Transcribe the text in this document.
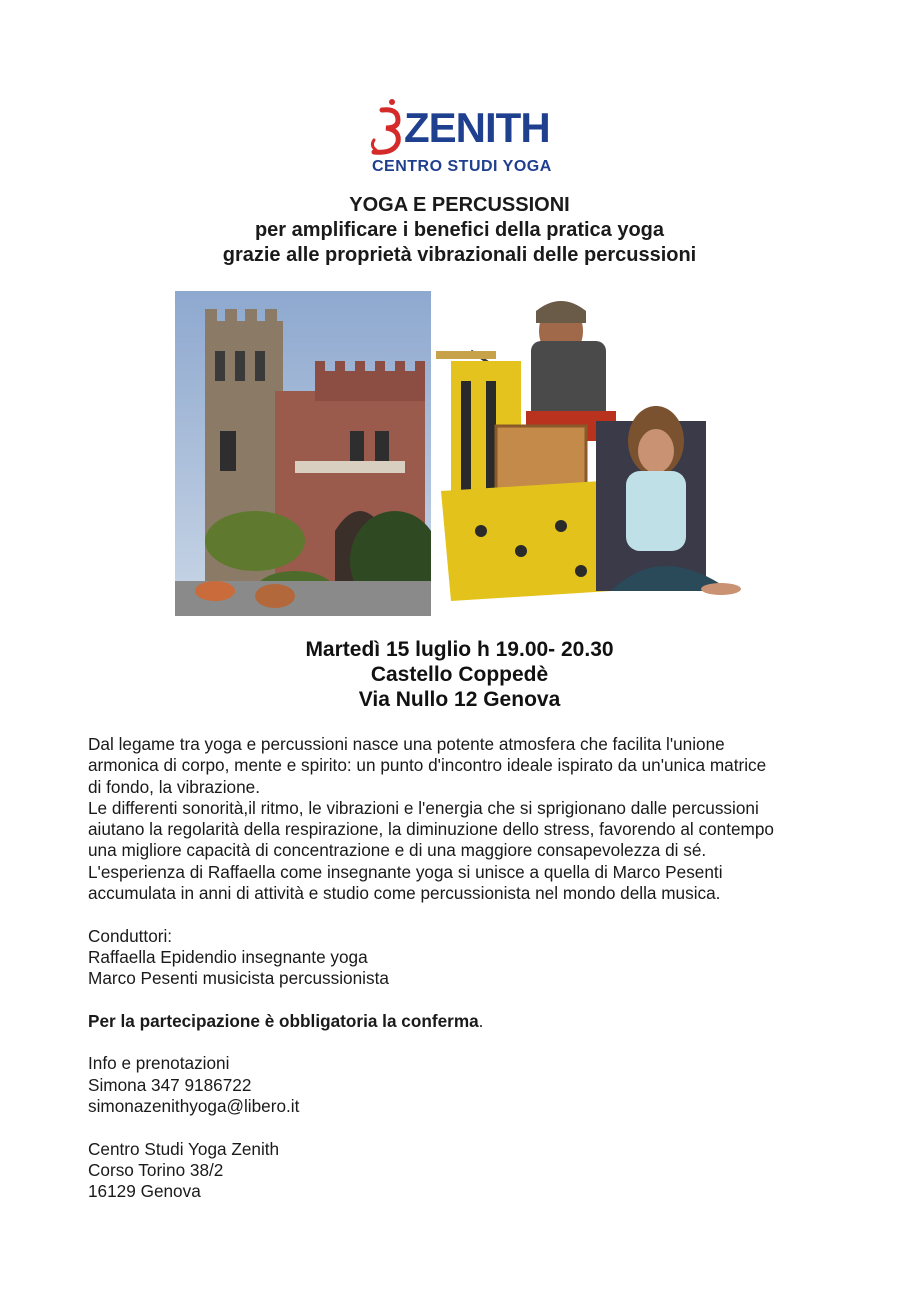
ZENITH
CENTRO STUDI YOGA
YOGA E PERCUSSIONI
per amplificare i benefici della pratica yoga
grazie alle proprietà vibrazionali delle percussioni
Martedì 15 luglio h 19.00- 20.30
Castello Coppedè
Via Nullo 12 Genova

Dal legame tra yoga e percussioni nasce una potente atmosfera che facilita l'unione

armonica di corpo, mente e spirito: un punto d'incontro ideale ispirato da un'unica matrice

di fondo, la vibrazione.

Le differenti sonorità,il ritmo, le vibrazioni e l'energia che si sprigionano dalle percussioni

aiutano la regolarità della respirazione, la diminuzione dello stress, favorendo al contempo

una migliore capacità di concentrazione e di una maggiore consapevolezza di sé.

L'esperienza di Raffaella come insegnante yoga si unisce a quella di Marco Pesenti

accumulata in anni di attività e studio come percussionista nel mondo della musica.

Conduttori:

Raffaella Epidendio insegnante yoga

Marco Pesenti musicista percussionista

Per la partecipazione è obbligatoria la conferma.

Info e prenotazioni

Simona 347 9186722

simonazenithyoga@libero.it

Centro Studi Yoga Zenith

Corso Torino 38/2

16129 Genova
